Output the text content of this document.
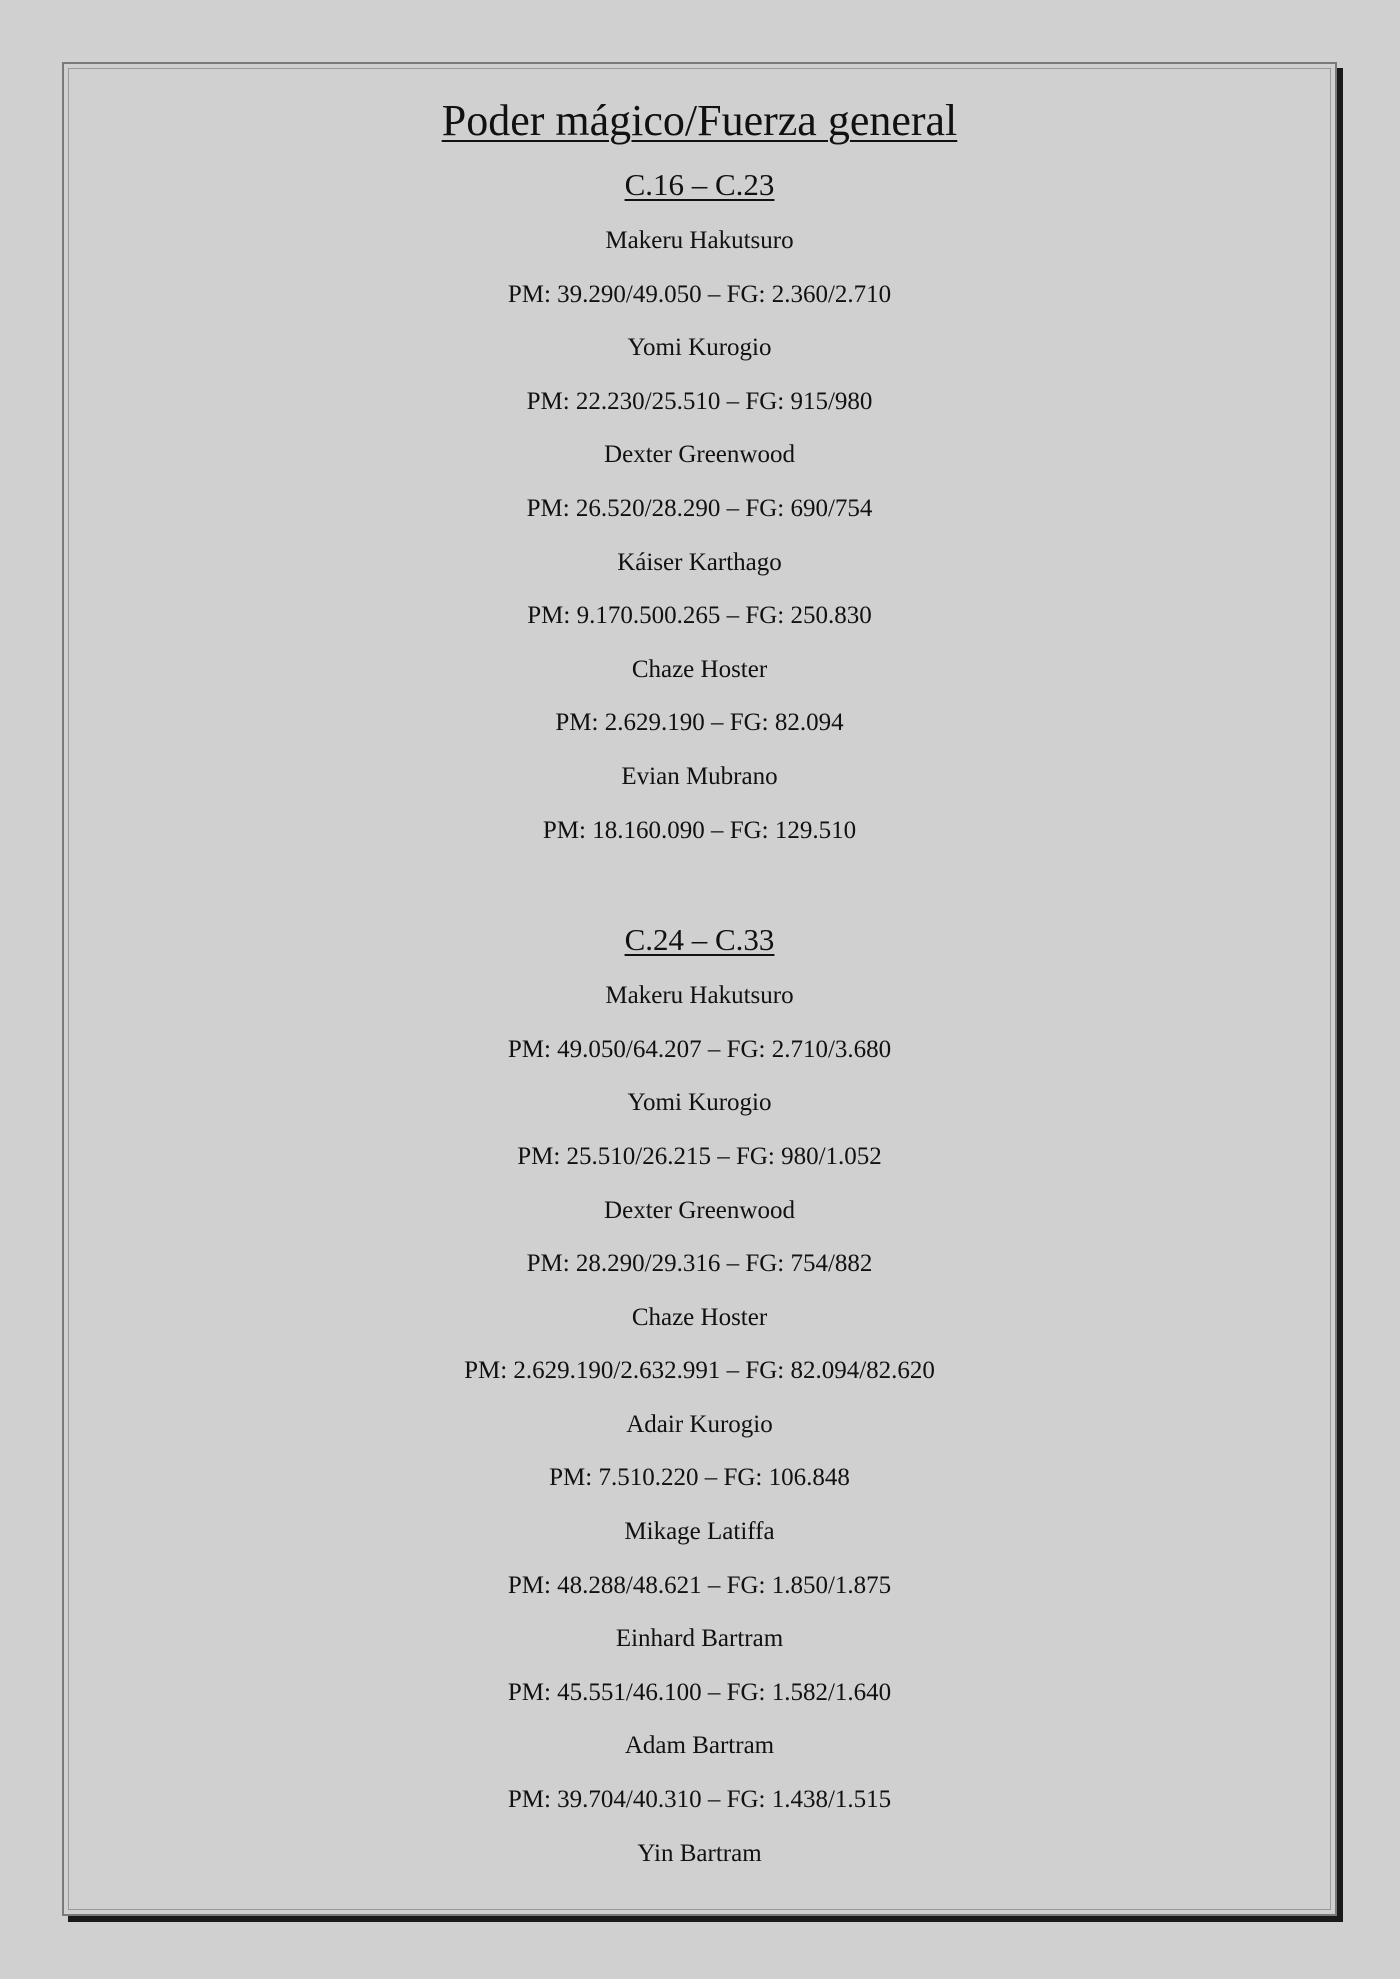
Poder mágico/Fuerza general
C.16 – C.23
Makeru Hakutsuro
PM: 39.290/49.050 – FG: 2.360/2.710
Yomi Kurogio
PM: 22.230/25.510 – FG: 915/980
Dexter Greenwood
PM: 26.520/28.290 – FG: 690/754
Káiser Karthago
PM: 9.170.500.265 – FG: 250.830
Chaze Hoster
PM: 2.629.190 – FG: 82.094
Evian Mubrano
PM: 18.160.090 – FG: 129.510
C.24 – C.33
Makeru Hakutsuro
PM: 49.050/64.207 – FG: 2.710/3.680
Yomi Kurogio
PM: 25.510/26.215 – FG: 980/1.052
Dexter Greenwood
PM: 28.290/29.316 – FG: 754/882
Chaze Hoster
PM: 2.629.190/2.632.991 – FG: 82.094/82.620
Adair Kurogio
PM: 7.510.220 – FG: 106.848
Mikage Latiffa
PM: 48.288/48.621 – FG: 1.850/1.875
Einhard Bartram
PM: 45.551/46.100 – FG: 1.582/1.640
Adam Bartram
PM: 39.704/40.310 – FG: 1.438/1.515
Yin Bartram
